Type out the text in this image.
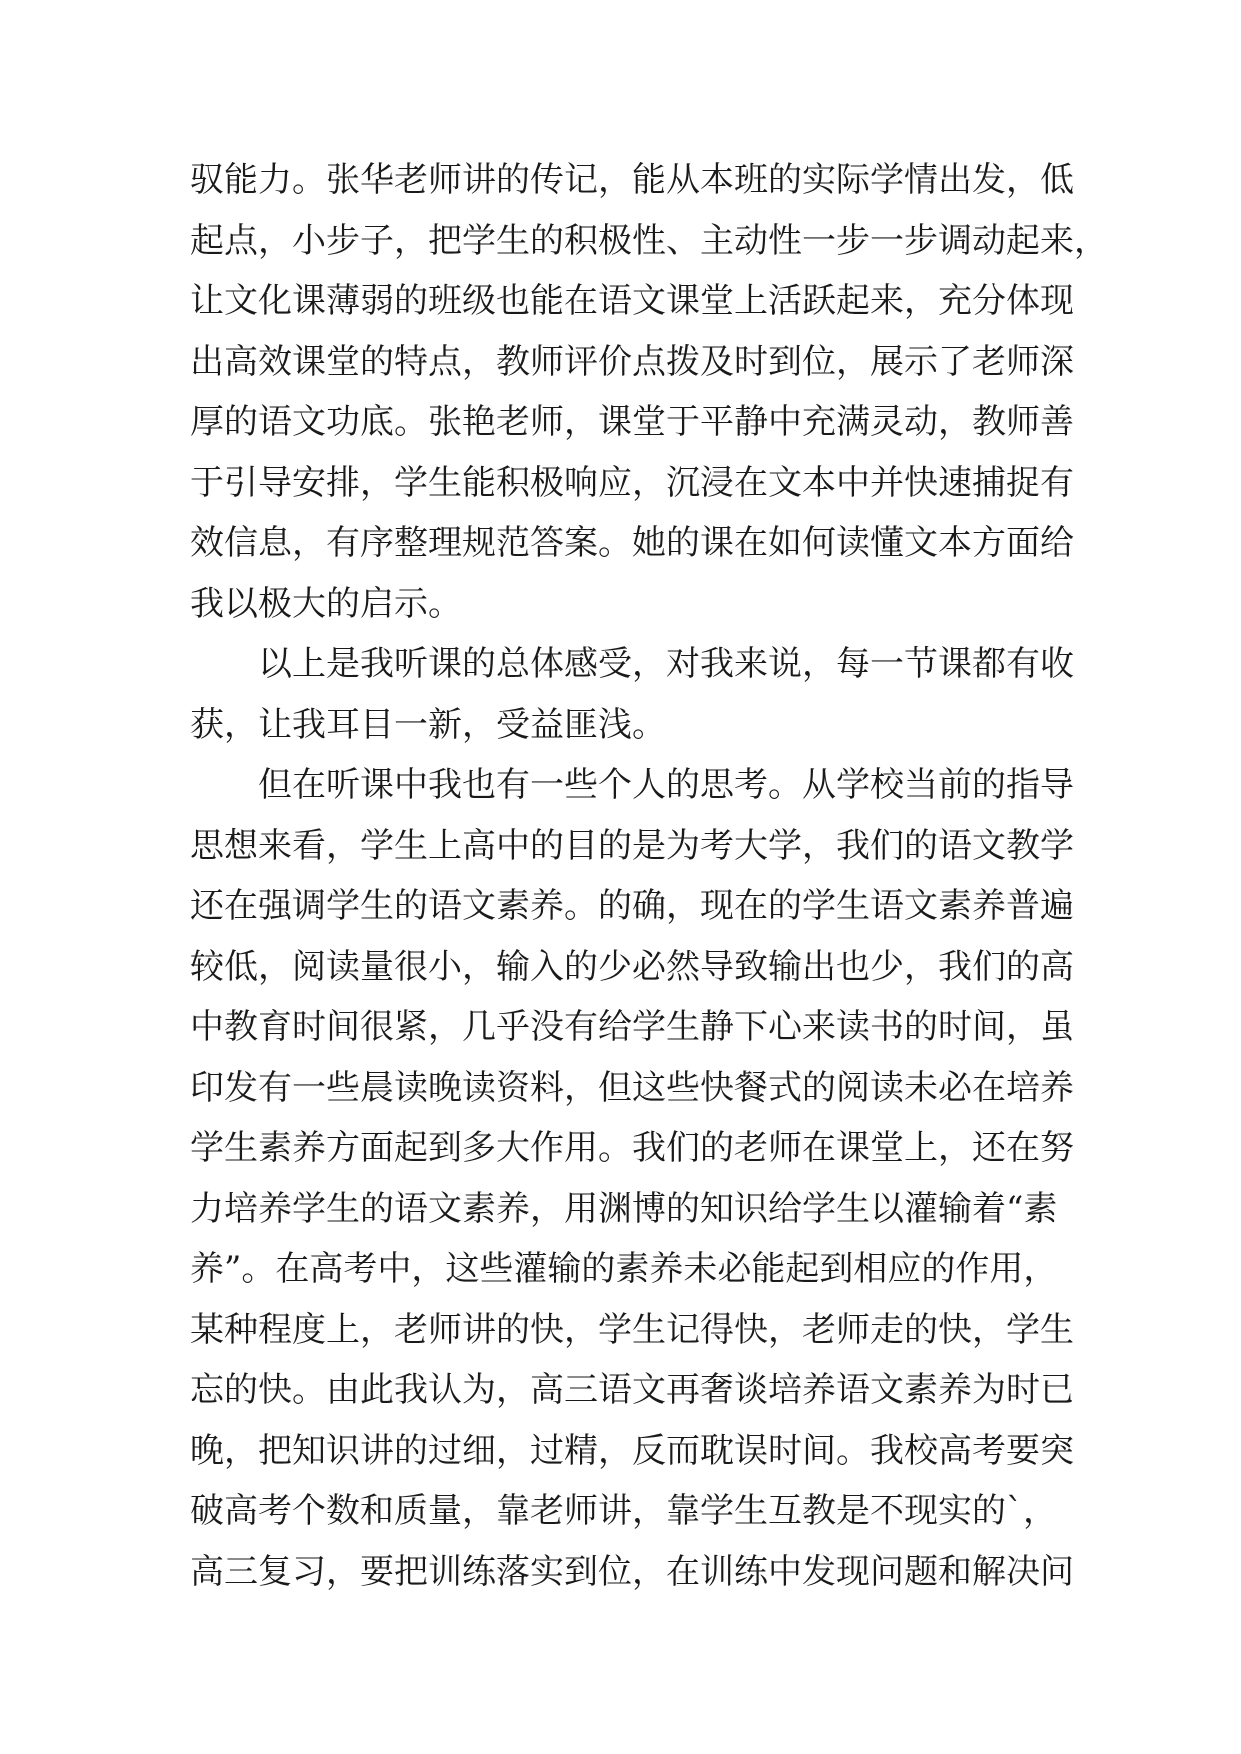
驭能力。张华老师讲的传记，能从本班的实际学情出发，低
起点，小步子，把学生的积极性、主动性一步一步调动起来，
让文化课薄弱的班级也能在语文课堂上活跃起来，充分体现
出高效课堂的特点，教师评价点拨及时到位，展示了老师深
厚的语文功底。张艳老师，课堂于平静中充满灵动，教师善
于引导安排，学生能积极响应，沉浸在文本中并快速捕捉有
效信息，有序整理规范答案。她的课在如何读懂文本方面给
我以极大的启示。
以上是我听课的总体感受，对我来说，每一节课都有收
获，让我耳目一新，受益匪浅。
但在听课中我也有一些个人的思考。从学校当前的指导
思想来看，学生上高中的目的是为考大学，我们的语文教学
还在强调学生的语文素养。的确，现在的学生语文素养普遍
较低，阅读量很小，输入的少必然导致输出也少，我们的高
中教育时间很紧，几乎没有给学生静下心来读书的时间，虽
印发有一些晨读晚读资料，但这些快餐式的阅读未必在培养
学生素养方面起到多大作用。我们的老师在课堂上，还在努
力培养学生的语文素养，用渊博的知识给学生以灌输着“素
养”。在高考中，这些灌输的素养未必能起到相应的作用，
某种程度上，老师讲的快，学生记得快，老师走的快，学生
忘的快。由此我认为，高三语文再奢谈培养语文素养为时已
晚，把知识讲的过细，过精，反而耽误时间。我校高考要突
破高考个数和质量，靠老师讲，靠学生互教是不现实的`，
高三复习，要把训练落实到位，在训练中发现问题和解决问
